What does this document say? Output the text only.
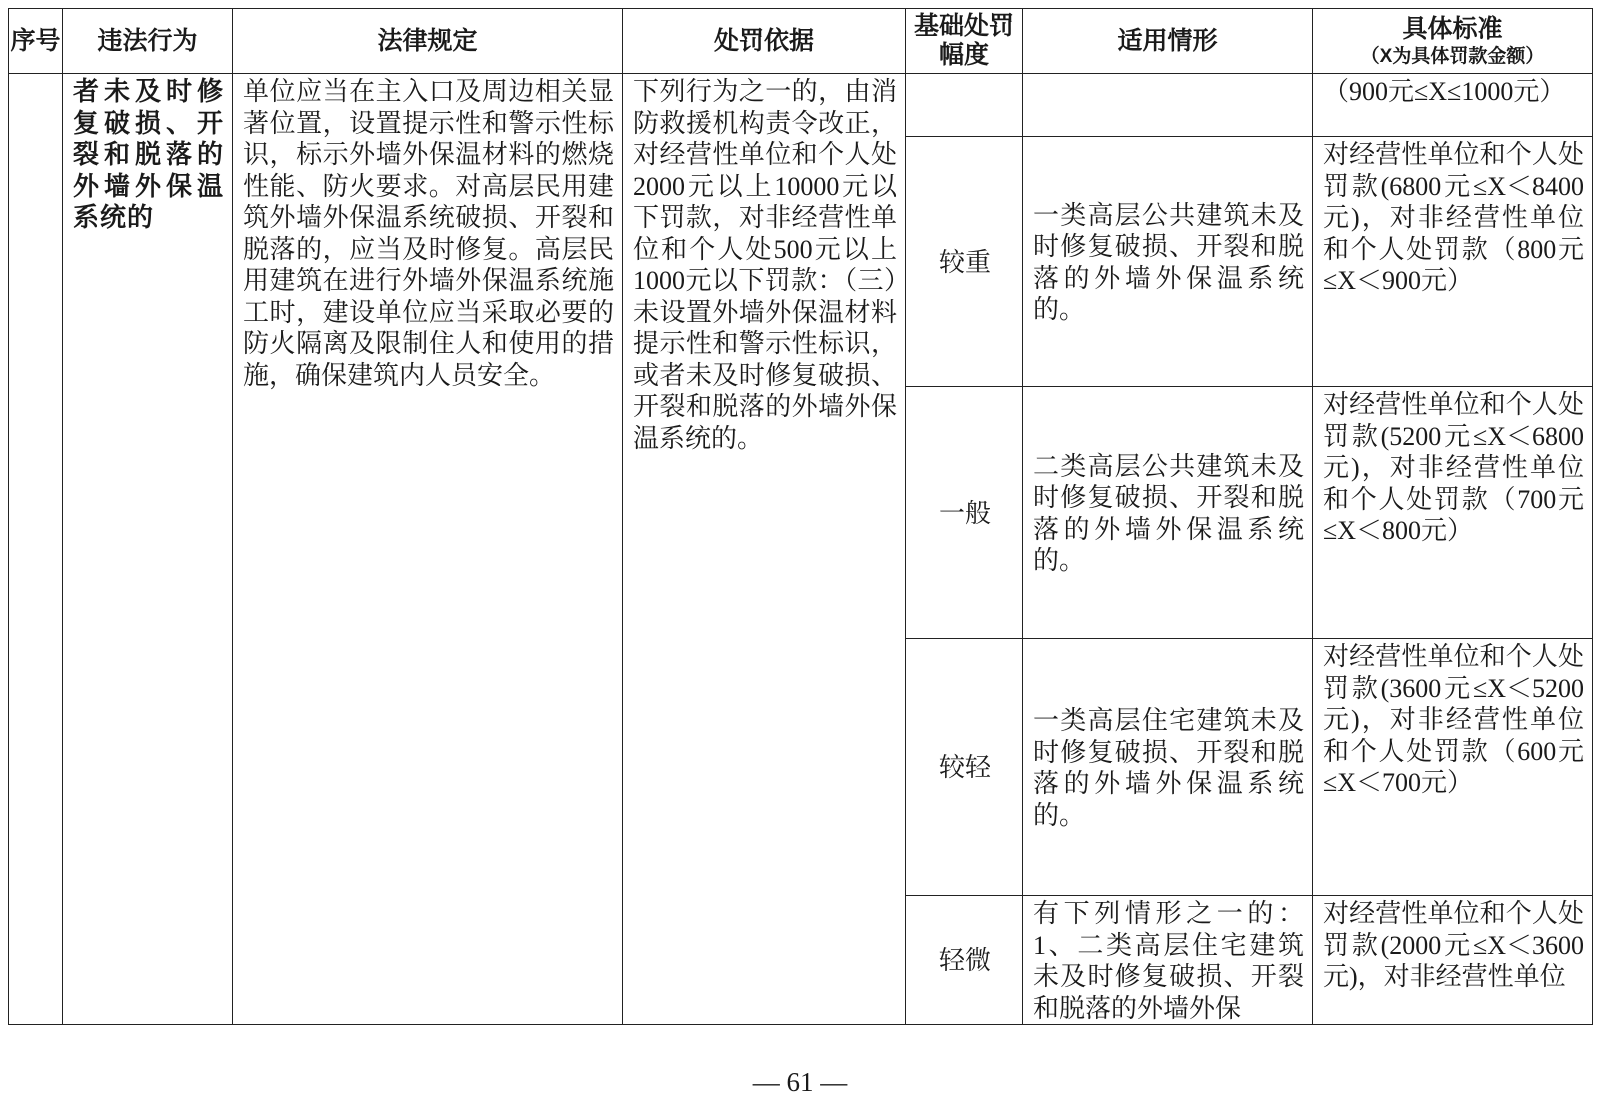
序号	违法行为	法律规定	处罚依据	基础处罚幅度	适用情形	具体标准
（X为具体罚款金额）

	者未及时修复破损、开裂和脱落的外墙外保温系统的	单位应当在主入口及周边相关显著位置，设置提示性和警示性标识，标示外墙外保温材料的燃烧性能、防火要求。对高层民用建筑外墙外保温系统破损、开裂和脱落的，应当及时修复。高层民用建筑在进行外墙外保温系统施工时，建设单位应当采取必要的防火隔离及限制住人和使用的措施，确保建筑内人员安全。	下列行为之一的，由消防救援机构责令改正，对经营性单位和个人处2000元以上10000元以下罚款，对非经营性单位和个人处500元以上1000元以下罚款：（三）未设置外墙外保温材料提示性和警示性标识，或者未及时修复破损、开裂和脱落的外墙外保温系统的。			（900元≤X≤1000元）

				较重	一类高层公共建筑未及时修复破损、开裂和脱落的外墙外保温系统的。	对经营性单位和个人处罚款(6800元≤X＜8400元)，对非经营性单位和个人处罚款（800元≤X＜900元）

				一般	二类高层公共建筑未及时修复破损、开裂和脱落的外墙外保温系统的。	对经营性单位和个人处罚款(5200元≤X＜6800元)，对非经营性单位和个人处罚款（700元≤X＜800元）

				较轻	一类高层住宅建筑未及时修复破损、开裂和脱落的外墙外保温系统的。	对经营性单位和个人处罚款(3600元≤X＜5200元)，对非经营性单位和个人处罚款（600元≤X＜700元）

				轻微	有下列情形之一的：1、二类高层住宅建筑未及时修复破损、开裂和脱落的外墙外保	对经营性单位和个人处罚款(2000元≤X＜3600元)，对非经营性单位
— 61 —
